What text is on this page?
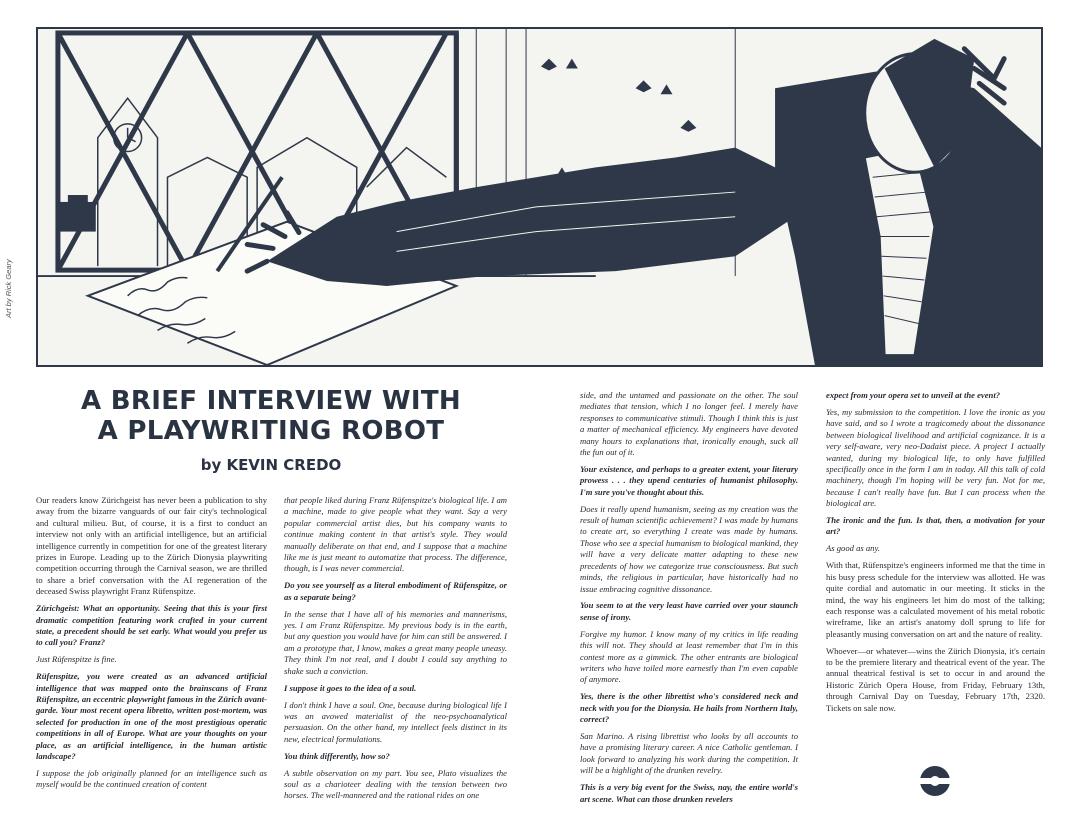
Art by Rick Geary
A BRIEF INTERVIEW WITH
A PLAYWRITING ROBOT
by KEVIN CREDO

Our readers know Zürichgeist has never been a publication to shy away from the bizarre vanguards of our fair city's technological and cultural milieu. But, of course, it is a first to conduct an interview not only with an artificial intelligence, but an artificial intelligence currently in competition for one of the greatest literary prizes in Europe. Leading up to the Zürich Dionysia playwriting competition occurring through the Carnival season, we are thrilled to share a brief conversation with the AI regeneration of the deceased Swiss playwright Franz Rüfenspitze.

Zürichgeist: What an opportunity. Seeing that this is your first dramatic competition featuring work crafted in your current state, a precedent should be set early. What would you prefer us to call you? Franz?

Just Rüfenspitze is fine.

Rüfenspitze, you were created as an advanced artificial intelligence that was mapped onto the brainscans of Franz Rüfenspitze, an eccentric playwright famous in the Zürich avant-garde. Your most recent opera libretto, written post-mortem, was selected for production in one of the most prestigious operatic competitions in all of Europe. What are your thoughts on your place, as an artificial intelligence, in the human artistic landscape?

I suppose the job originally planned for an intelligence such as myself would be the continued creation of content

that people liked during Franz Rüfenspitze's biological life. I am a machine, made to give people what they want. Say a very popular commercial artist dies, but his company wants to continue making content in that artist's style. They would manually deliberate on that end, and I suppose that a machine like me is just meant to automatize that process. The difference, though, is I was never commercial.

Do you see yourself as a literal embodiment of Rüfenspitze, or as a separate being?

In the sense that I have all of his memories and mannerisms, yes. I am Franz Rüfenspitze. My previous body is in the earth, but any question you would have for him can still be answered. I am a prototype that, I know, makes a great many people uneasy. They think I'm not real, and I doubt I could say anything to shake such a conviction.

I suppose it goes to the idea of a soul.

I don't think I have a soul. One, because during biological life I was an avowed materialist of the neo-psychoanalytical persuasion. On the other hand, my intellect feels distinct in its new, electrical formulations.

You think differently, how so?

A subtle observation on my part. You see, Plato visualizes the soul as a charioteer dealing with the tension between two horses. The well-mannered and the rational rides on one

side, and the untamed and passionate on the other. The soul mediates that tension, which I no longer feel. I merely have responses to communicative stimuli. Though I think this is just a matter of mechanical efficiency. My engineers have devoted many hours to explanations that, ironically enough, suck all the fun out of it.

Your existence, and perhaps to a greater extent, your literary prowess . . . they upend centuries of humanist philosophy. I'm sure you've thought about this.

Does it really upend humanism, seeing as my creation was the result of human scientific achievement? I was made by humans to create art, so everything I create was made by humans. Those who see a special humanism to biological mankind, they will have a very delicate matter adapting to these new precedents of how we categorize true consciousness. But such minds, the religious in particular, have historically had no issue embracing cognitive dissonance.

You seem to at the very least have carried over your staunch sense of irony.

Forgive my humor. I know many of my critics in life reading this will not. They should at least remember that I'm in this contest more as a gimmick. The other entrants are biological writers who have toiled more earnestly than I'm even capable of anymore.

Yes, there is the other librettist who's considered neck and neck with you for the Dionysia. He hails from Northern Italy, correct?

San Marino. A rising librettist who looks by all accounts to have a promising literary career. A nice Catholic gentleman. I look forward to analyzing his work during the competition. It will be a highlight of the drunken revelry.

This is a very big event for the Swiss, nay, the entire world's art scene. What can those drunken revelers

expect from your opera set to unveil at the event?

Yes, my submission to the competition. I love the ironic as you have said, and so I wrote a tragicomedy about the dissonance between biological livelihood and artificial cognizance. It is a very self-aware, very neo-Dadaist piece. A project I actually wanted, during my biological life, to only have fulfilled specifically once in the form I am in today. All this talk of cold machinery, though I'm hoping will be very fun. Not for me, because I can't really have fun. But I can process when the biological are.

The ironic and the fun. Is that, then, a motivation for your art?

As good as any.

With that, Rüfenspitze's engineers informed me that the time in his busy press schedule for the interview was allotted. He was quite cordial and automatic in our meeting. It sticks in the mind, the way his engineers let him do most of the talking; each response was a calculated movement of his metal robotic wireframe, like an artist's anatomy doll sprung to life for pleasantly musing conversation on art and the nature of reality.

Whoever—or whatever—wins the Zürich Dionysia, it's certain to be the premiere literary and theatrical event of the year. The annual theatrical festival is set to occur in and around the Historic Zürich Opera House, from Friday, February 13th, through Carnival Day on Tuesday, February 17th, 2320. Tickets on sale now.
